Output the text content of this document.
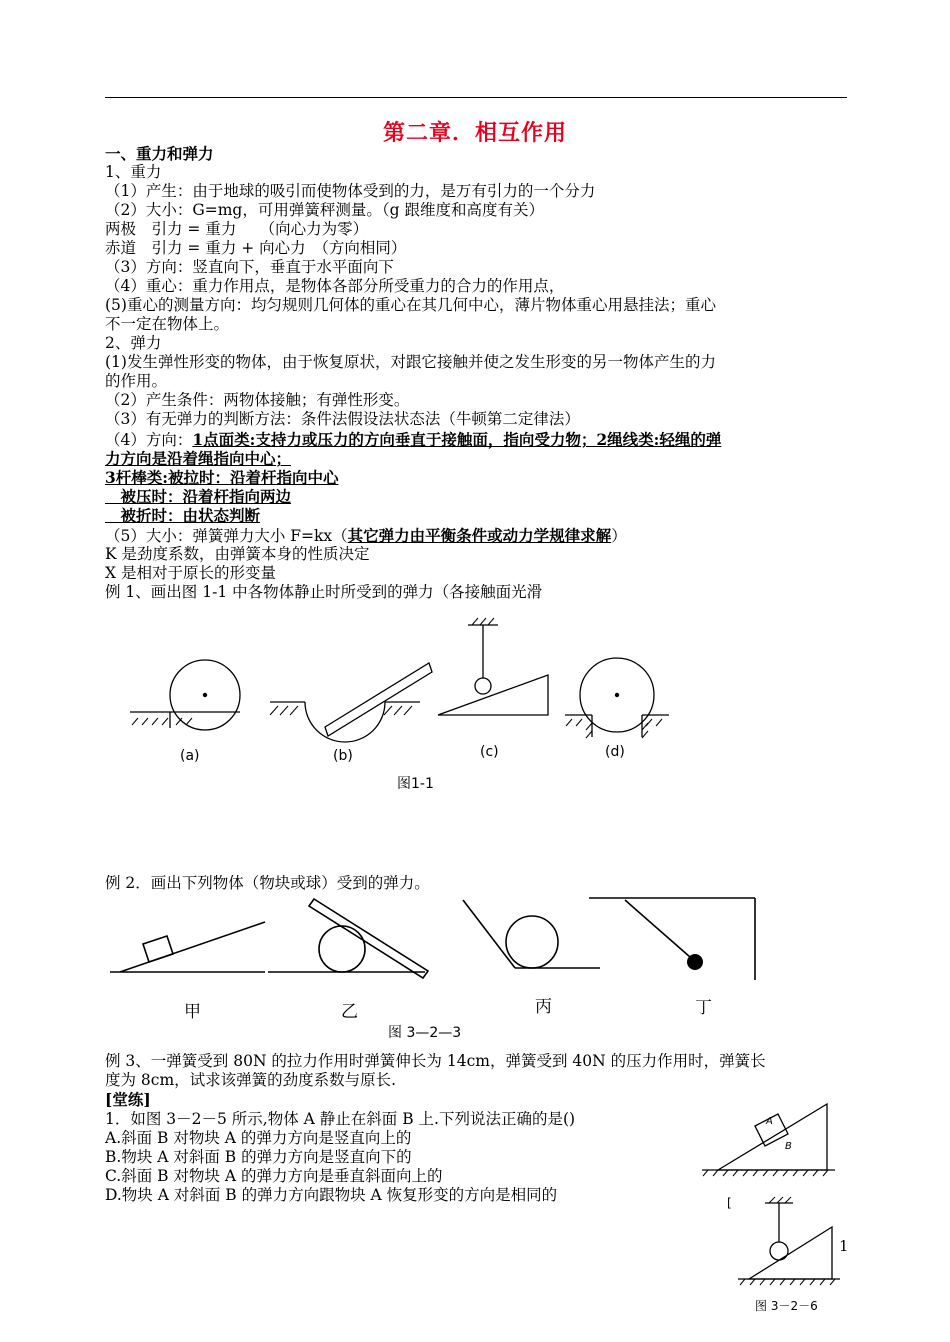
第二章．相互作用
一、重力和弹力
1、重力
（1）产生：由于地球的吸引而使物体受到的力，是万有引力的一个分力
（2）大小：G=mg，可用弹簧秤测量。（g 跟维度和高度有关）
两极　引力 = 重力　　（向心力为零）
赤道　引力 = 重力 + 向心力　（方向相同）
（3）方向：竖直向下，垂直于水平面向下
（4）重心：重力作用点，是物体各部分所受重力的合力的作用点，
(5)重心的测量方向：均匀规则几何体的重心在其几何中心，薄片物体重心用悬挂法；重心
不一定在物体上。
2、弹力
(1)发生弹性形变的物体，由于恢复原状，对跟它接触并使之发生形变的另一物体产生的力
的作用。
（2）产生条件：两物体接触；有弹性形变。
（3）有无弹力的判断方法：条件法假设法状态法（牛顿第二定律法）
（4）方向：1点面类:支持力或压力的方向垂直于接触面，指向受力物；2绳线类:轻绳的弹
力方向是沿着绳指向中心；
3杆棒类:被拉时：沿着杆指向中心
　被压时：沿着杆指向两边
　被折时：由状态判断
（5）大小：弹簧弹力大小 F=kx（其它弹力由平衡条件或动力学规律求解）
K 是劲度系数，由弹簧本身的性质决定
X 是相对于原长的形变量
例 1、画出图 1-1 中各物体静止时所受到的弹力（各接触面光滑
(a)	(b)	(c)	(d)
图1-1
例 2．画出下列物体（物块或球）受到的弹力。
甲	乙	丙	丁
图 3—2—3
例 3、一弹簧受到 80N 的拉力作用时弹簧伸长为 14cm，弹簧受到 40N 的压力作用时，弹簧长
度为 8cm，试求该弹簧的劲度系数与原长.
[堂练]
1．如图 3－2－5 所示,物体 A 静止在斜面 B 上.下列说法正确的是()
A.斜面 B 对物块 A 的弹力方向是竖直向上的
B.物块 A 对斜面 B 的弹力方向是竖直向下的
C.斜面 B 对物块 A 的弹力方向是垂直斜面向上的
D.物块 A 对斜面 B 的弹力方向跟物块 A 恢复形变的方向是相同的
A
B
[
图 3－2－6
1
